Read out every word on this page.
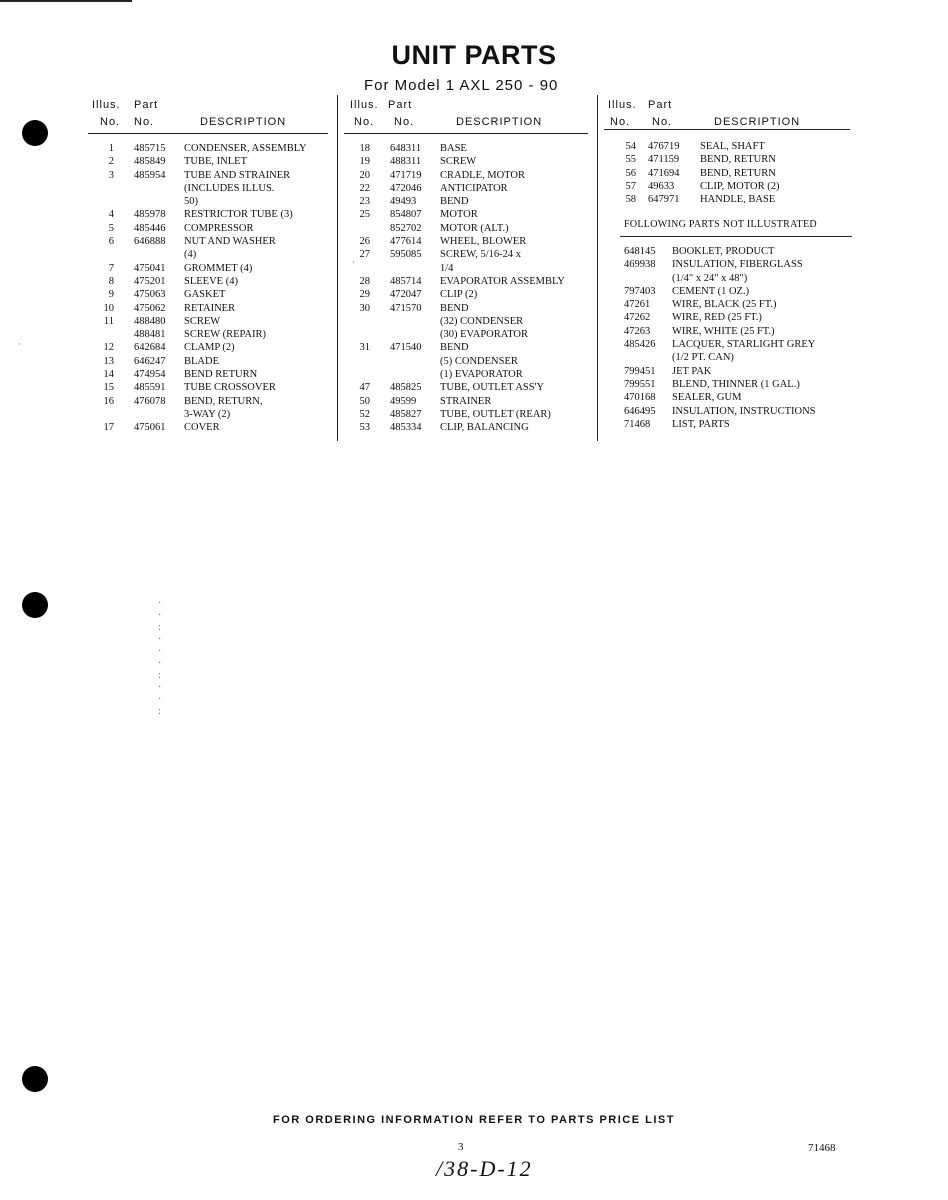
UNIT PARTS
For Model 1 AXL 250 - 90
Illus. Part
No. No.	DESCRIPTION
1 485715 CONDENSER, ASSEMBLY
2 485849 TUBE, INLET
3 485954 TUBE AND STRAINER
(INCLUDES ILLUS.
50)
4 485978 RESTRICTOR TUBE (3)
5 485446 COMPRESSOR
6 646888 NUT AND WASHER
(4)
7 475041 GROMMET (4)
8 475201 SLEEVE (4)
9 475063 GASKET
10 475062 RETAINER
11 488480 SCREW
488481 SCREW (REPAIR)
12 642684 CLAMP (2)
13 646247 BLADE
14 474954 BEND RETURN
15 485591 TUBE CROSSOVER
16 476078 BEND, RETURN,
3-WAY (2)
17 475061 COVER
Illus. Part
No. No.	DESCRIPTION
18 648311 BASE
19 488311 SCREW
20 471719 CRADLE, MOTOR
22 472046 ANTICIPATOR
23 49493 BEND
25 854807 MOTOR
852702 MOTOR (ALT.)
26 477614 WHEEL, BLOWER
27 595085 SCREW, 5/16-24 x
1/4
28 485714 EVAPORATOR ASSEMBLY
29 472047 CLIP (2)
30 471570 BEND
(32) CONDENSER
(30) EVAPORATOR
31 471540 BEND
(5) CONDENSER
(1) EVAPORATOR
47 485825 TUBE, OUTLET ASS'Y
50 49599 STRAINER
52 485827 TUBE, OUTLET (REAR)
53 485334 CLIP, BALANCING
Illus. Part
No. No.	DESCRIPTION
54 476719 SEAL, SHAFT
55 471159 BEND, RETURN
56 471694 BEND, RETURN
57 49633 CLIP, MOTOR (2)
58 647971 HANDLE, BASE
FOLLOWING PARTS NOT ILLUSTRATED
648145 BOOKLET, PRODUCT
469938 INSULATION, FIBERGLASS
(1/4" x 24" x 48")
797403 CEMENT (1 OZ.)
47261 WIRE, BLACK (25 FT.)
47262 WIRE, RED (25 FT.)
47263 WIRE, WHITE (25 FT.)
485426 LACQUER, STARLIGHT GREY
(1/2 PT. CAN)
799451 JET PAK
799551 BLEND, THINNER (1 GAL.)
470168 SEALER, GUM
646495 INSULATION, INSTRUCTIONS
71468 LIST, PARTS
·
·
:
·
·
·
:
·
·
:
·
·
FOR ORDERING INFORMATION REFER TO PARTS PRICE LIST
3	71468
/38-D-12
